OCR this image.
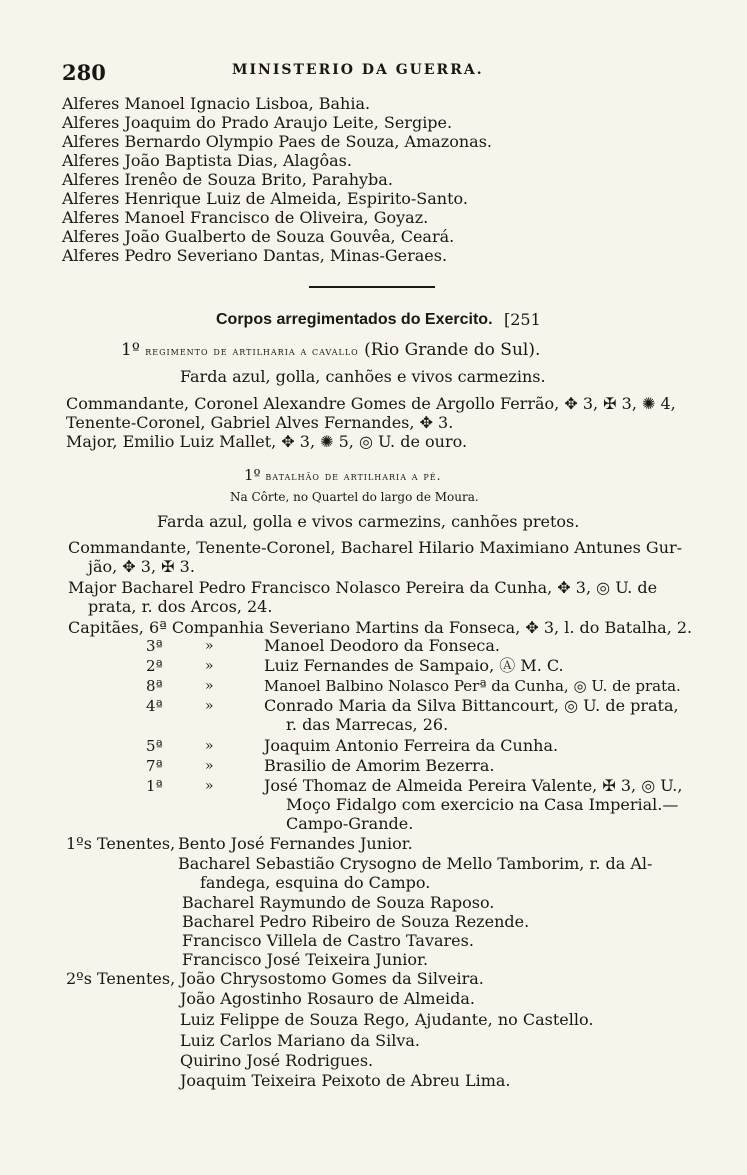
280	MINISTERIO DA GUERRA.
Alferes Manoel Ignacio Lisboa, Bahia.
Alferes Joaquim do Prado Araujo Leite, Sergipe.
Alferes Bernardo Olympio Paes de Souza, Amazonas.
Alferes João Baptista Dias, Alagôas.
Alferes Irenêo de Souza Brito, Parahyba.
Alferes Henrique Luiz de Almeida, Espirito-Santo.
Alferes Manoel Francisco de Oliveira, Goyaz.
Alferes João Gualberto de Souza Gouvêa, Ceará.
Alferes Pedro Severiano Dantas, Minas-Geraes.
Corpos arregimentados do Exercito. [251
1º regimento de artilharia a cavallo (Rio Grande do Sul).
Farda azul, golla, canhões e vivos carmezins.
Commandante, Coronel Alexandre Gomes de Argollo Ferrão, ✥ 3, ✠ 3, ✺ 4,
Tenente-Coronel, Gabriel Alves Fernandes, ✥ 3.
Major, Emilio Luiz Mallet, ✥ 3, ✺ 5, ◎ U. de ouro.
1º batalhão de artilharia a pé.
Na Côrte, no Quartel do largo de Moura.
Farda azul, golla e vivos carmezins, canhões pretos.
Commandante, Tenente-Coronel, Bacharel Hilario Maximiano Antunes Gur-
jão, ✥ 3, ✠ 3.
Major Bacharel Pedro Francisco Nolasco Pereira da Cunha, ✥ 3, ◎ U. de
prata, r. dos Arcos, 24.
Capitães, 6ª Companhia Severiano Martins da Fonseca, ✥ 3, l. do Batalha, 2.
3ª	»	Manoel Deodoro da Fonseca.
2ª	»	Luiz Fernandes de Sampaio, Ⓐ M. C.
8ª	»	Manoel Balbino Nolasco Perª da Cunha, ◎ U. de prata.
4ª	»	Conrado Maria da Silva Bittancourt, ◎ U. de prata,
r. das Marrecas, 26.
5ª	»	Joaquim Antonio Ferreira da Cunha.
7ª	»	Brasilio de Amorim Bezerra.
1ª	»	José Thomaz de Almeida Pereira Valente, ✠ 3, ◎ U.,
Moço Fidalgo com exercicio na Casa Imperial.—
Campo-Grande.
1ºs Tenentes, Bento José Fernandes Junior.
Bacharel Sebastião Crysogno de Mello Tamborim, r. da Al-
fandega, esquina do Campo.
Bacharel Raymundo de Souza Raposo.
Bacharel Pedro Ribeiro de Souza Rezende.
Francisco Villela de Castro Tavares.
Francisco José Teixeira Junior.
2ºs Tenentes, João Chrysostomo Gomes da Silveira.
João Agostinho Rosauro de Almeida.
Luiz Felippe de Souza Rego, Ajudante, no Castello.
Luiz Carlos Mariano da Silva.
Quirino José Rodrigues.
Joaquim Teixeira Peixoto de Abreu Lima.
